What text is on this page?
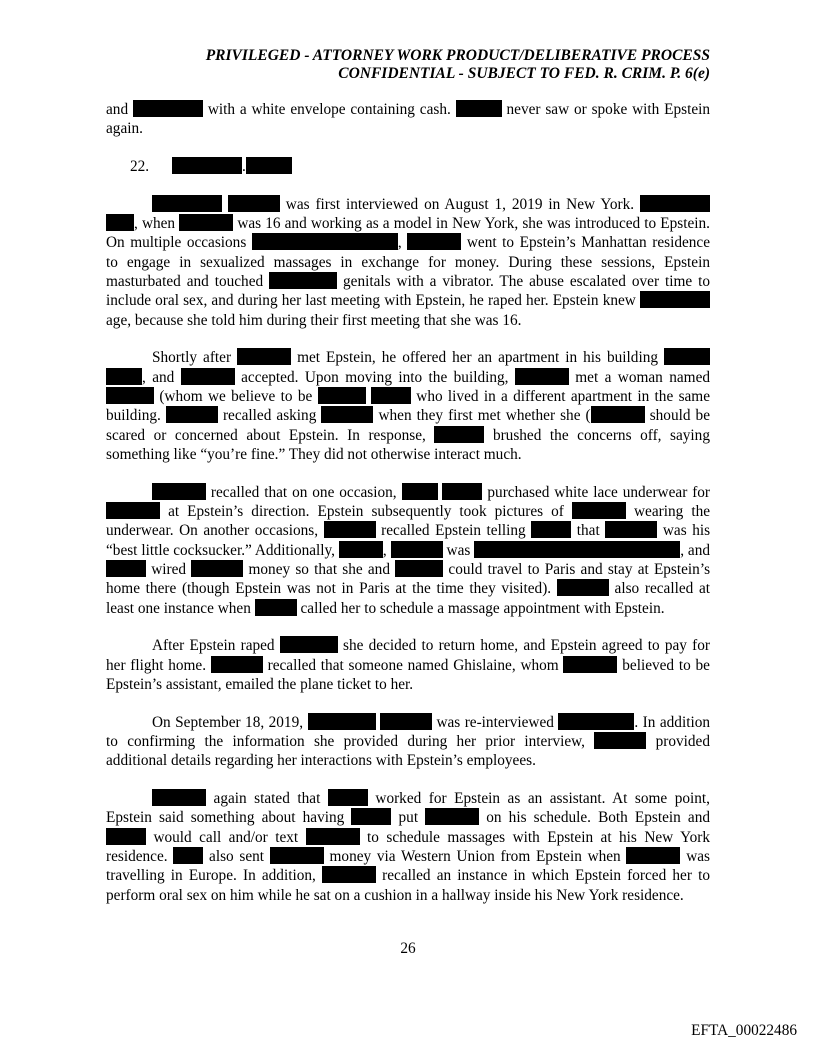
PRIVILEGED - ATTORNEY WORK PRODUCT/DELIBERATIVE PROCESS
CONFIDENTIAL - SUBJECT TO FED. R. CRIM. P. 6(e)

and	with a white envelope containing cash.	never saw or spoke with Epstein again.

22.	.

was first interviewed on August 1, 2019 in New York.  , when	was 16 and working as a model in New York, she was introduced to Epstein. On multiple occasions	,	went to Epstein’s Manhattan residence to engage in sexualized massages in exchange for money. During these sessions, Epstein masturbated and touched	genitals with a vibrator. The abuse escalated over time to include oral sex, and during her last meeting with Epstein, he raped her. Epstein knew  age, because she told him during their first meeting that she was 16.

Shortly after	met Epstein, he offered her an apartment in his building  , and	accepted. Upon moving into the building,	met a woman named  (whom we believe to be	who lived in a different apartment in the same building.	recalled asking	when they first met whether she (	should be scared or concerned about Epstein. In response,	brushed the concerns off, saying something like “you’re fine.” They did not otherwise interact much.

recalled that on one occasion,	purchased white lace underwear for  at Epstein’s direction. Epstein subsequently took pictures of	wearing the underwear. On another occasions,	recalled Epstein telling	that	was his “best little cocksucker.” Additionally,	,	was	, and  wired	money so that she and	could travel to Paris and stay at Epstein’s home there (though Epstein was not in Paris at the time they visited).	also recalled at least one instance when	called her to schedule a massage appointment with Epstein.

After Epstein raped	she decided to return home, and Epstein agreed to pay for her flight home.	recalled that someone named Ghislaine, whom	believed to be Epstein’s assistant, emailed the plane ticket to her.

On September 18, 2019,	was re-interviewed	. In addition to confirming the information she provided during her prior interview,	provided additional details regarding her interactions with Epstein’s employees.

again stated that	worked for Epstein as an assistant. At some point, Epstein said something about having	put	on his schedule. Both Epstein and  would call and/or text	to schedule massages with Epstein at his New York residence.	also sent	money via Western Union from Epstein when	was travelling in Europe. In addition,	recalled an instance in which Epstein forced her to perform oral sex on him while he sat on a cushion in a hallway inside his New York residence.

26
EFTA_00022486
